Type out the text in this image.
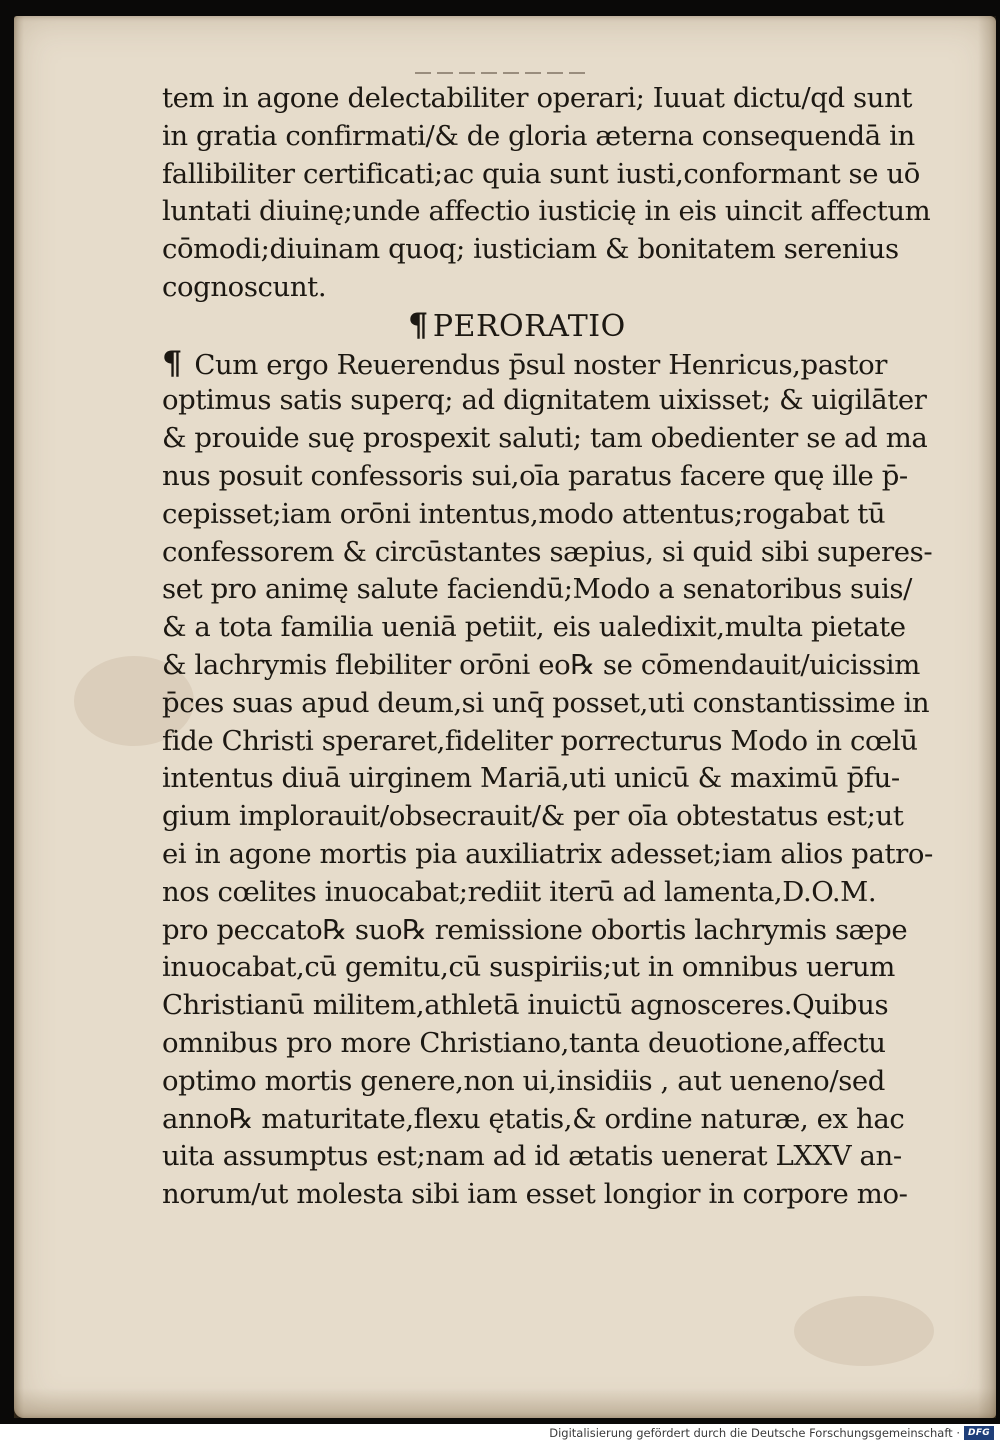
tem in agone delectabiliter operari; Iuuat dictu/qd sunt
in gratia confirmati/& de gloria æterna consequendā in
fallibiliter certificati;ac quia sunt iusti,conformant se uō
luntati diuinę;unde affectio iusticię in eis uincit affectum
cōmodi;diuinam quoq; iusticiam & bonitatem serenius
cognoscunt.
¶ PERORATIO
¶ Cum ergo Reuerendus p̄sul noster Henricus,pastor
optimus satis superq; ad dignitatem uixisset; & uigilāter
& prouide suę prospexit saluti; tam obedienter se ad ma
nus posuit confessoris sui,oīa paratus facere quę ille p̄-
cepisset;iam orōni intentus,modo attentus;rogabat tū
confessorem & circūstantes sæpius, si quid sibi superes-
set pro animę salute faciendū;Modo a senatoribus suis/
& a tota familia ueniā petiit, eis ualedixit,multa pietate
& lachrymis flebiliter orōni eo℞ se cōmendauit/uicissim
p̄ces suas apud deum,si unq̄ posset,uti constantissime in
fide Christi speraret,fideliter porrecturus Modo in cœlū
intentus diuā uirginem Mariā,uti unicū & maximū p̄fu-
gium implorauit/obsecrauit/& per oīa obtestatus est;ut
ei in agone mortis pia auxiliatrix adesset;iam alios patro-
nos cœlites inuocabat;rediit iterū ad lamenta,D.O.M.
pro peccato℞ suo℞ remissione obortis lachrymis sæpe
inuocabat,cū gemitu,cū suspiriis;ut in omnibus uerum
Christianū militem,athletā inuictū agnosceres.Quibus
omnibus pro more Christiano,tanta deuotione,affectu
optimo mortis genere,non ui,insidiis , aut ueneno/sed
anno℞ maturitate,flexu ętatis,& ordine naturæ, ex hac
uita assumptus est;nam ad id ætatis uenerat LXXV an-
norum/ut molesta sibi iam esset longior in corpore mo-
Digitalisierung gefördert durch die Deutsche Forschungsgemeinschaft · DFG
